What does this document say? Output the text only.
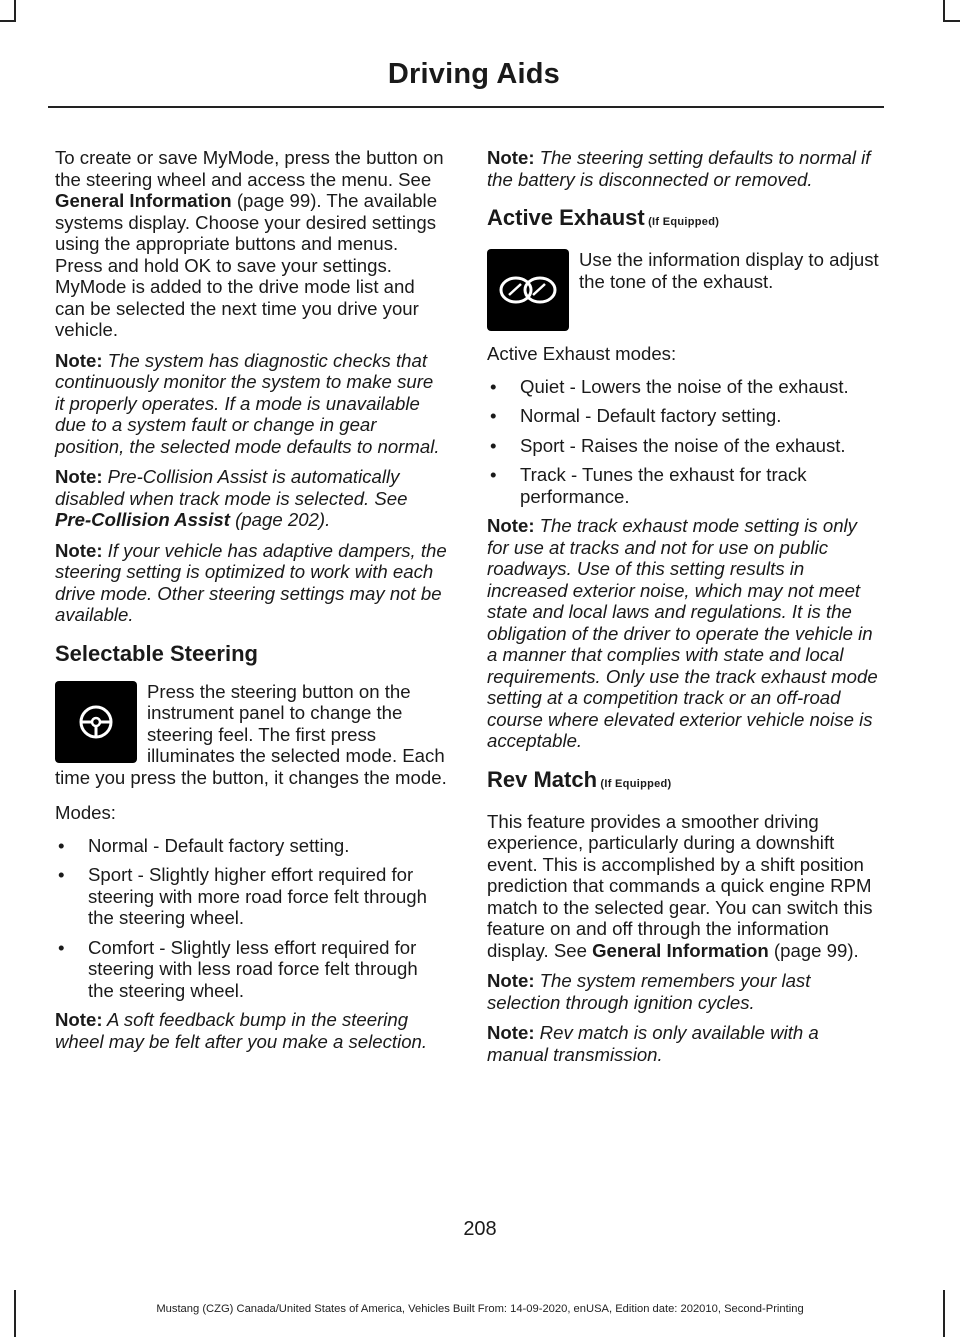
Driving Aids

To create or save MyMode, press the button on the steering wheel and access the menu. See General Information (page 99). The available systems display. Choose your desired settings using the appropriate buttons and menus. Press and hold OK to save your settings. MyMode is added to the drive mode list and can be selected the next time you drive your vehicle.

Note: The system has diagnostic checks that continuously monitor the system to make sure it properly operates. If a mode is unavailable due to a system fault or change in gear position, the selected mode defaults to normal.

Note: Pre-Collision Assist is automatically disabled when track mode is selected. See Pre-Collision Assist (page 202).

Note: If your vehicle has adaptive dampers, the steering setting is optimized to work with each drive mode. Other steering settings may not be available.

Selectable Steering

Press the steering button on the instrument panel to change the steering feel. The first press illuminates the selected mode. Each time you press the button, it changes the mode.

Modes:

• Normal - Default factory setting.
• Sport - Slightly higher effort required for steering with more road force felt through the steering wheel.
• Comfort - Slightly less effort required for steering with less road force felt through the steering wheel.

Note: A soft feedback bump in the steering wheel may be felt after you make a selection.

Note: The steering setting defaults to normal if the battery is disconnected or removed.

Active Exhaust (If Equipped)

Use the information display to adjust the tone of the exhaust.

Active Exhaust modes:

• Quiet - Lowers the noise of the exhaust.
• Normal - Default factory setting.
• Sport - Raises the noise of the exhaust.
• Track - Tunes the exhaust for track performance.

Note: The track exhaust mode setting is only for use at tracks and not for use on public roadways. Use of this setting results in increased exterior noise, which may not meet state and local laws and regulations. It is the obligation of the driver to operate the vehicle in a manner that complies with state and local requirements. Only use the track exhaust mode setting at a competition track or an off-road course where elevated exterior vehicle noise is acceptable.

Rev Match (If Equipped)

This feature provides a smoother driving experience, particularly during a downshift event. This is accomplished by a shift position prediction that commands a quick engine RPM match to the selected gear. You can switch this feature on and off through the information display. See General Information (page 99).

Note: The system remembers your last selection through ignition cycles.

Note: Rev match is only available with a manual transmission.

208
Mustang (CZG) Canada/United States of America, Vehicles Built From: 14-09-2020, enUSA, Edition date: 202010, Second-Printing
